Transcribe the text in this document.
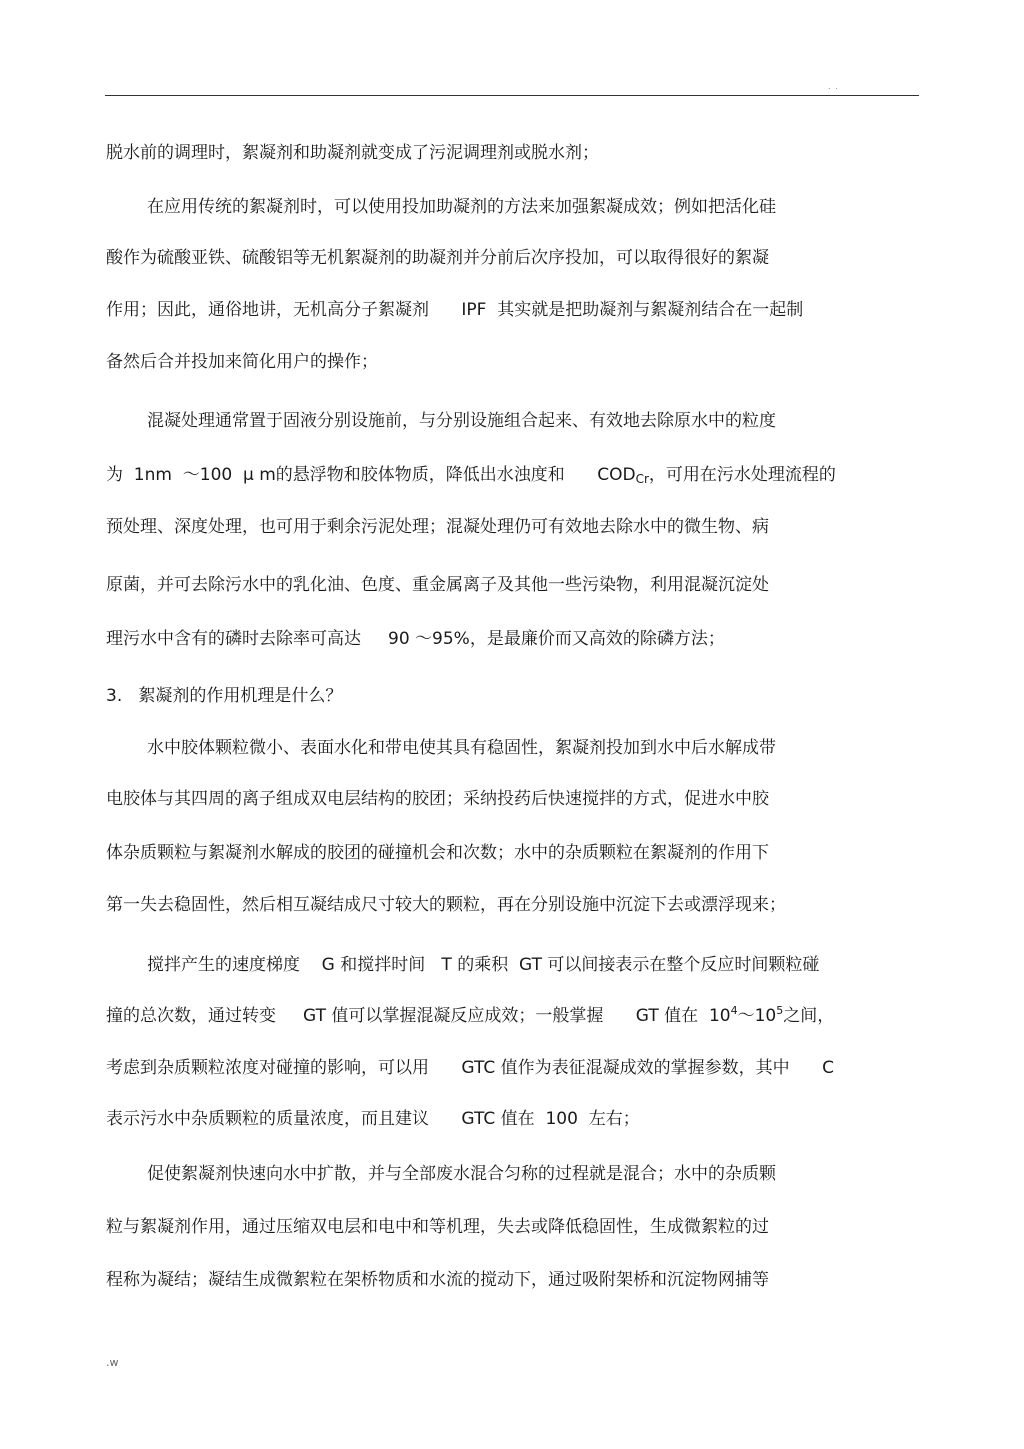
. .
脱水前的调理时，絮凝剂和助凝剂就变成了污泥调理剂或脱水剂；
在应用传统的絮凝剂时，可以使用投加助凝剂的方法来加强絮凝成效；例如把活化硅
酸作为硫酸亚铁、硫酸铝等无机絮凝剂的助凝剂并分前后次序投加，可以取得很好的絮凝
作用；因此，通俗地讲，无机高分子絮凝剂      IPF  其实就是把助凝剂与絮凝剂结合在一起制
备然后合并投加来简化用户的操作；
混凝处理通常置于固液分别设施前，与分别设施组合起来、有效地去除原水中的粒度
为  1nm  ～100  μ m的悬浮物和胶体物质，降低出水浊度和      $COD_{Cr}$，可用在污水处理流程的
预处理、深度处理，也可用于剩余污泥处理；混凝处理仍可有效地去除水中的微生物、病
原菌，并可去除污水中的乳化油、色度、重金属离子及其他一些污染物，利用混凝沉淀处
理污水中含有的磷时去除率可高达     90 ～95%，是最廉价而又高效的除磷方法；
3.   絮凝剂的作用机理是什么？
水中胶体颗粒微小、表面水化和带电使其具有稳固性，絮凝剂投加到水中后水解成带
电胶体与其四周的离子组成双电层结构的胶团；采纳投药后快速搅拌的方式，促进水中胶
体杂质颗粒与絮凝剂水解成的胶团的碰撞机会和次数；水中的杂质颗粒在絮凝剂的作用下
第一失去稳固性，然后相互凝结成尺寸较大的颗粒，再在分别设施中沉淀下去或漂浮现来；
搅拌产生的速度梯度    G 和搅拌时间   T 的乘积  GT 可以间接表示在整个反应时间颗粒碰
撞的总次数，通过转变     GT 值可以掌握混凝反应成效；一般掌握      GT 值在  $10^4\sim 10^5$之间，
考虑到杂质颗粒浓度对碰撞的影响，可以用      GTC 值作为表征混凝成效的掌握参数，其中      C
表示污水中杂质颗粒的质量浓度，而且建议      GTC 值在  100  左右；
促使絮凝剂快速向水中扩散，并与全部废水混合匀称的过程就是混合；水中的杂质颗
粒与絮凝剂作用，通过压缩双电层和电中和等机理，失去或降低稳固性，生成微絮粒的过
程称为凝结；凝结生成微絮粒在架桥物质和水流的搅动下，通过吸附架桥和沉淀物网捕等
.w
